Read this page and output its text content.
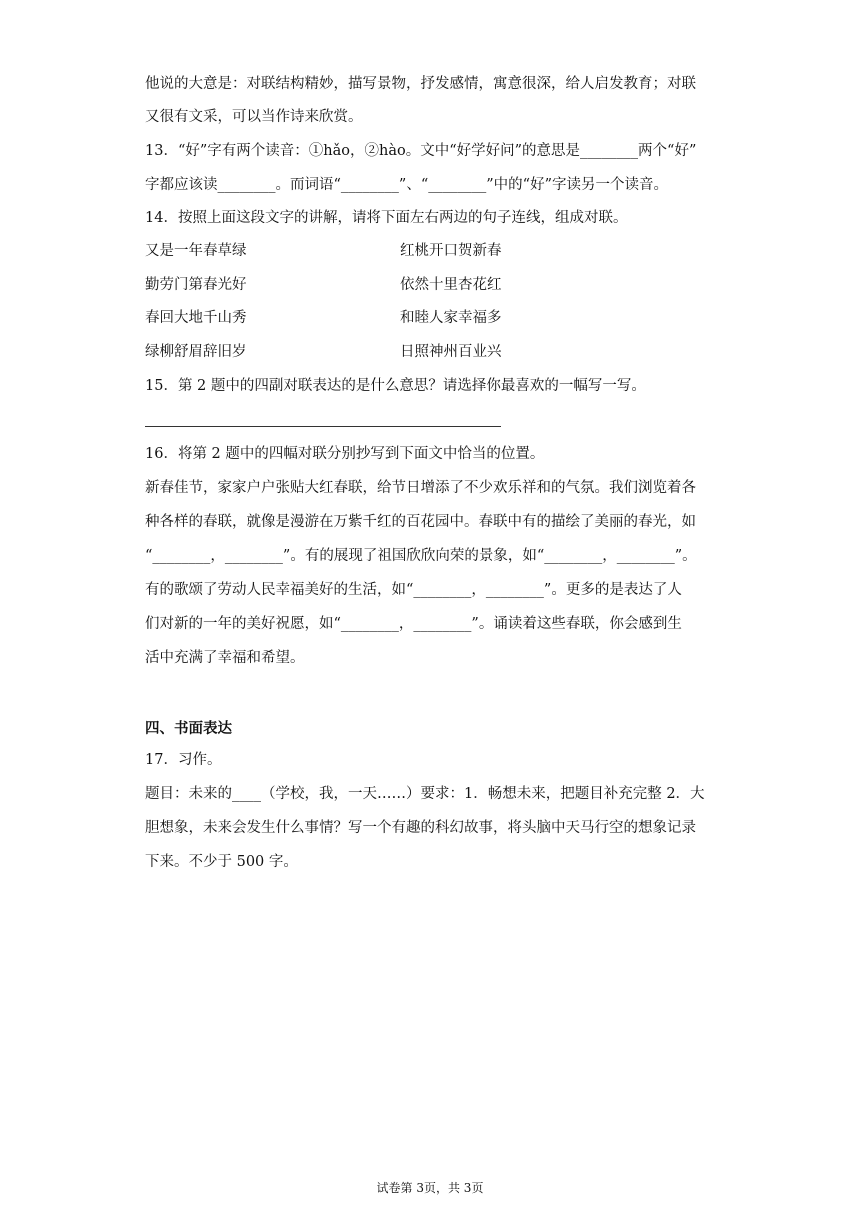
他说的大意是：对联结构精妙，描写景物，抒发感情，寓意很深，给人启发教育；对联
又很有文采，可以当作诗来欣赏。
13．“好”字有两个读音：①hǎo，②hào。文中“好学好问”的意思是________两个“好”
字都应该读________。而词语“________”、“________”中的“好”字读另一个读音。
14．按照上面这段文字的讲解，请将下面左右两边的句子连线，组成对联。
又是一年春草绿	红桃开口贺新春
勤劳门第春光好	依然十里杏花红
春回大地千山秀	和睦人家幸福多
绿柳舒眉辞旧岁	日照神州百业兴
15．第 2 题中的四副对联表达的是什么意思？请选择你最喜欢的一幅写一写。
16．将第 2 题中的四幅对联分别抄写到下面文中恰当的位置。
新春佳节，家家户户张贴大红春联，给节日增添了不少欢乐祥和的气氛。我们浏览着各
种各样的春联，就像是漫游在万紫千红的百花园中。春联中有的描绘了美丽的春光，如
“________，________”。有的展现了祖国欣欣向荣的景象，如“________，________”。
有的歌颂了劳动人民幸福美好的生活，如“________，________”。更多的是表达了人
们对新的一年的美好祝愿，如“________，________”。诵读着这些春联，你会感到生
活中充满了幸福和希望。
四、书面表达
17．习作。
题目：未来的____（学校，我，一天……）要求：1．畅想未来，把题目补充完整 2．大
胆想象，未来会发生什么事情？写一个有趣的科幻故事，将头脑中天马行空的想象记录
下来。不少于 500 字。
试卷第 3页，共 3页
